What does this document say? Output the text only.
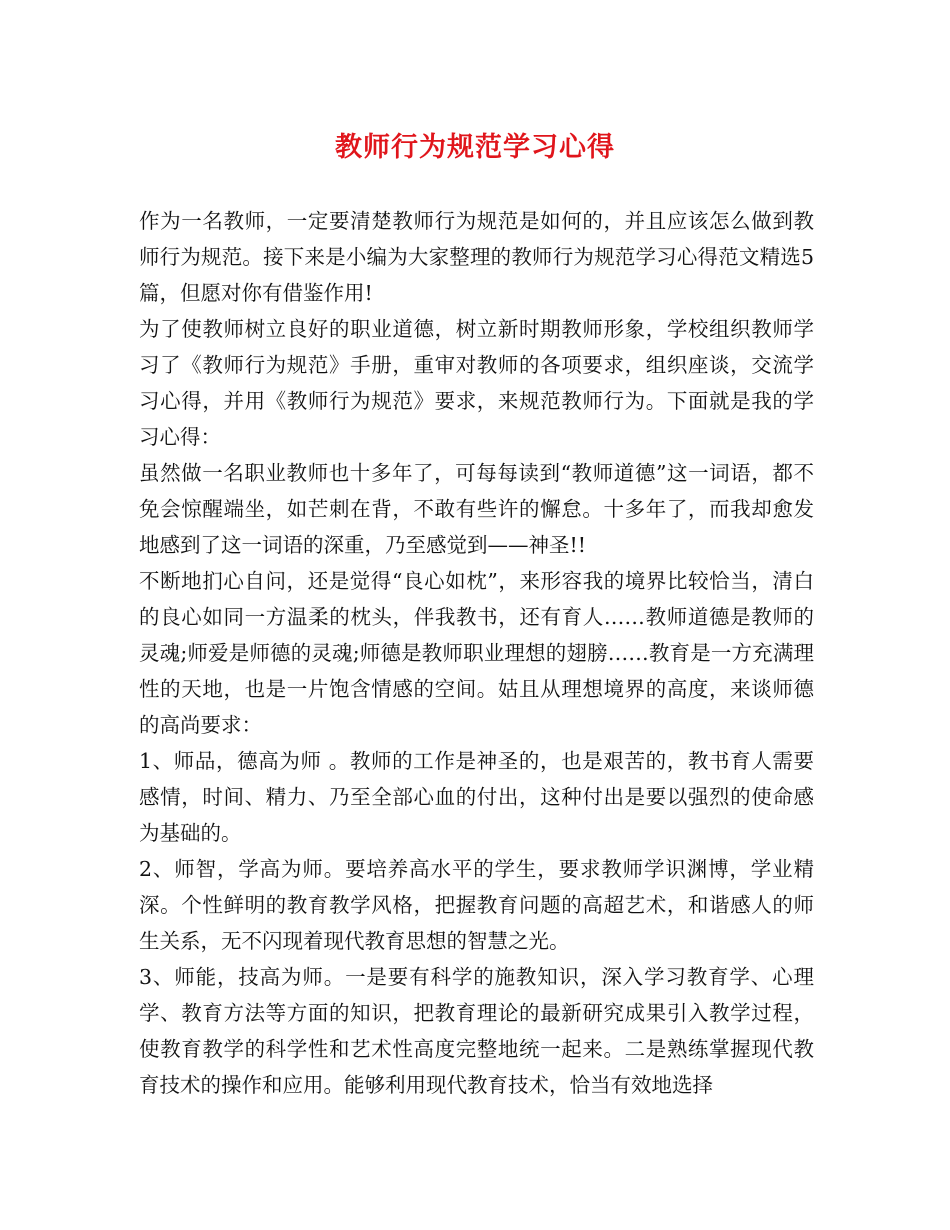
教师行为规范学习心得

作为一名教师，一定要清楚教师行为规范是如何的，并且应该怎么做到教师行为规范。接下来是小编为大家整理的教师行为规范学习心得范文精选5篇，但愿对你有借鉴作用!

为了使教师树立良好的职业道德，树立新时期教师形象，学校组织教师学习了《教师行为规范》手册，重审对教师的各项要求，组织座谈，交流学习心得，并用《教师行为规范》要求，来规范教师行为。下面就是我的学习心得：

虽然做一名职业教师也十多年了，可每每读到“教师道德”这一词语，都不免会惊醒端坐，如芒刺在背，不敢有些许的懈怠。十多年了，而我却愈发地感到了这一词语的深重，乃至感觉到——神圣!!

不断地扪心自问，还是觉得“良心如枕”，来形容我的境界比较恰当，清白的良心如同一方温柔的枕头，伴我教书，还有育人……教师道德是教师的灵魂;师爱是师德的灵魂;师德是教师职业理想的翅膀……教育是一方充满理性的天地，也是一片饱含情感的空间。姑且从理想境界的高度，来谈师德的高尚要求：

1、师品，德高为师 。教师的工作是神圣的，也是艰苦的，教书育人需要感情，时间、精力、乃至全部心血的付出，这种付出是要以强烈的使命感为基础的。

2、师智，学高为师。要培养高水平的学生，要求教师学识渊博，学业精深。个性鲜明的教育教学风格，把握教育问题的高超艺术，和谐感人的师生关系，无不闪现着现代教育思想的智慧之光。

3、师能，技高为师。一是要有科学的施教知识，深入学习教育学、心理学、教育方法等方面的知识，把教育理论的最新研究成果引入教学过程，使教育教学的科学性和艺术性高度完整地统一起来。二是熟练掌握现代教育技术的操作和应用。能够利用现代教育技术，恰当有效地选择
